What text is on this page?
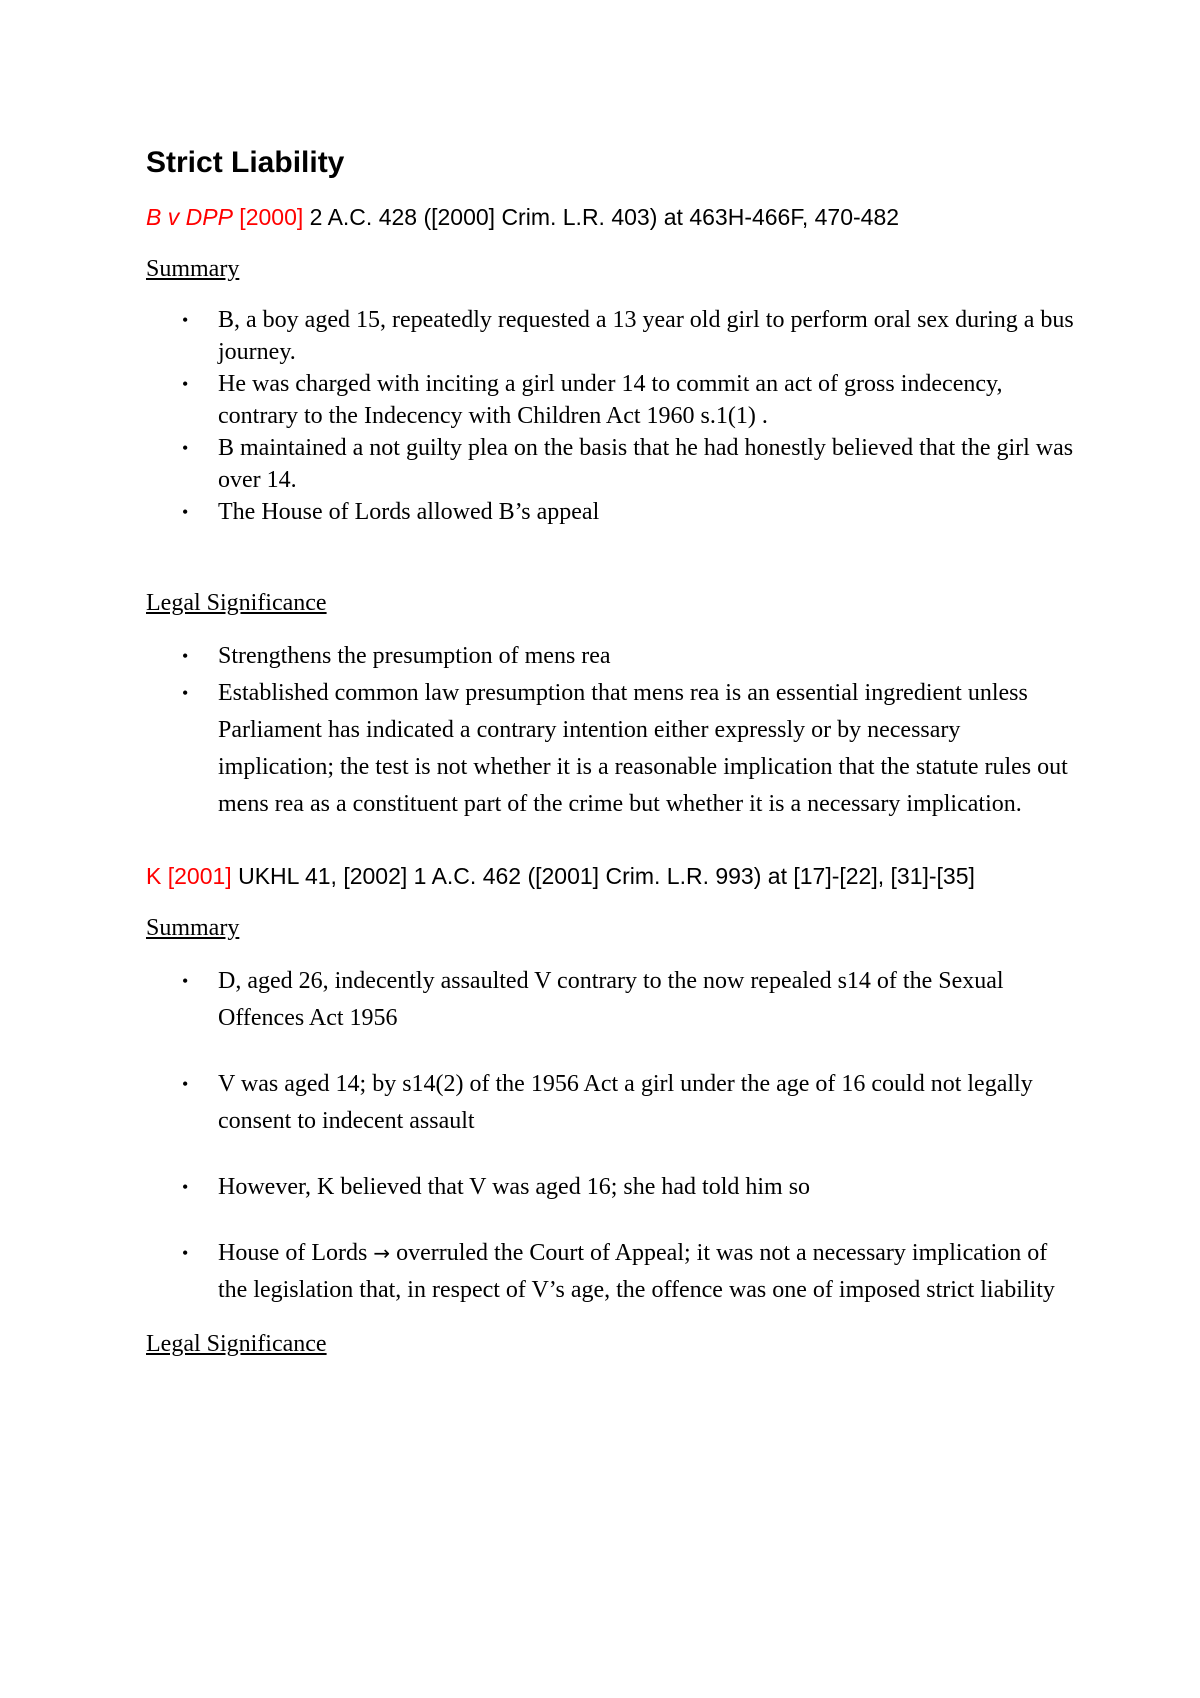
Strict Liability

B v DPP [2000] 2 A.C. 428 ([2000] Crim. L.R. 403) at 463H-466F, 470-482

Summary
• B, a boy aged 15, repeatedly requested a 13 year old girl to perform oral sex during a bus journey.
• He was charged with inciting a girl under 14 to commit an act of gross indecency, contrary to the Indecency with Children Act 1960 s.1(1) .
• B maintained a not guilty plea on the basis that he had honestly believed that the girl was over 14.
• The House of Lords allowed B’s appeal
Legal Significance
• Strengthens the presumption of mens rea
• Established common law presumption that mens rea is an essential ingredient unless Parliament has indicated a contrary intention either expressly or by necessary implication; the test is not whether it is a reasonable implication that the statute rules out mens rea as a constituent part of the crime but whether it is a necessary implication.

K [2001] UKHL 41, [2002] 1 A.C. 462 ([2001] Crim. L.R. 993) at [17]-[22], [31]-[35]

Summary
• D, aged 26, indecently assaulted V contrary to the now repealed s14 of the Sexual Offences Act 1956
• V was aged 14; by s14(2) of the 1956 Act a girl under the age of 16 could not legally consent to indecent assault
• However, K believed that V was aged 16; she had told him so
• House of Lords → overruled the Court of Appeal; it was not a necessary implication of the legislation that, in respect of V’s age, the offence was one of imposed strict liability
Legal Significance
